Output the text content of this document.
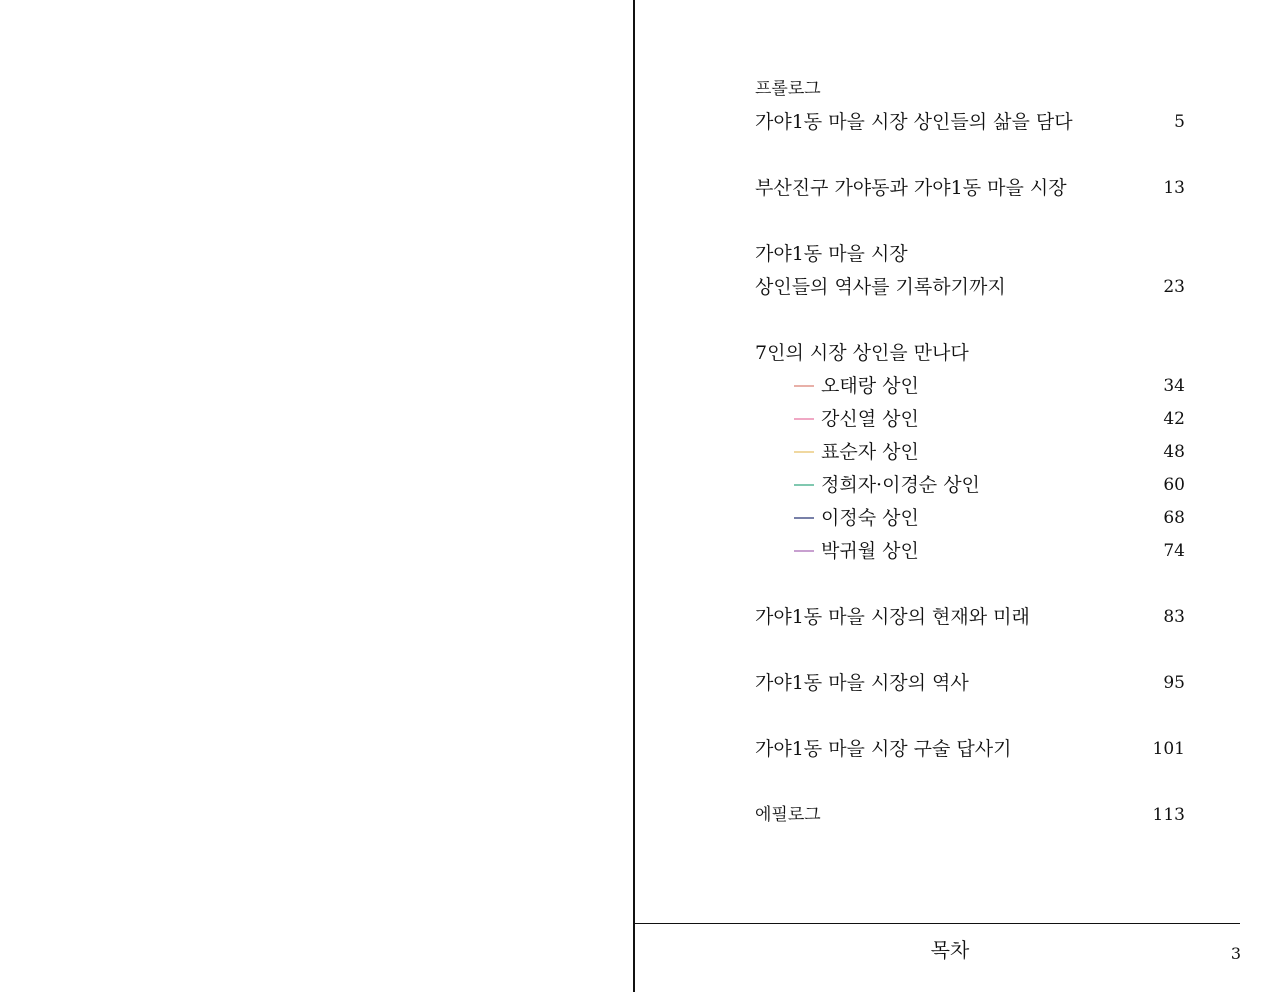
프롤로그
가야1동 마을 시장 상인들의 삶을 담다	5
부산진구 가야동과 가야1동 마을 시장	13
가야1동 마을 시장
상인들의 역사를 기록하기까지	23
7인의 시장 상인을 만나다
오태랑 상인	34
강신열 상인	42
표순자 상인	48
정희자·이경순 상인	60
이정숙 상인	68
박귀월 상인	74
가야1동 마을 시장의 현재와 미래	83
가야1동 마을 시장의 역사	95
가야1동 마을 시장 구술 답사기	101
에필로그	113
목차	3
